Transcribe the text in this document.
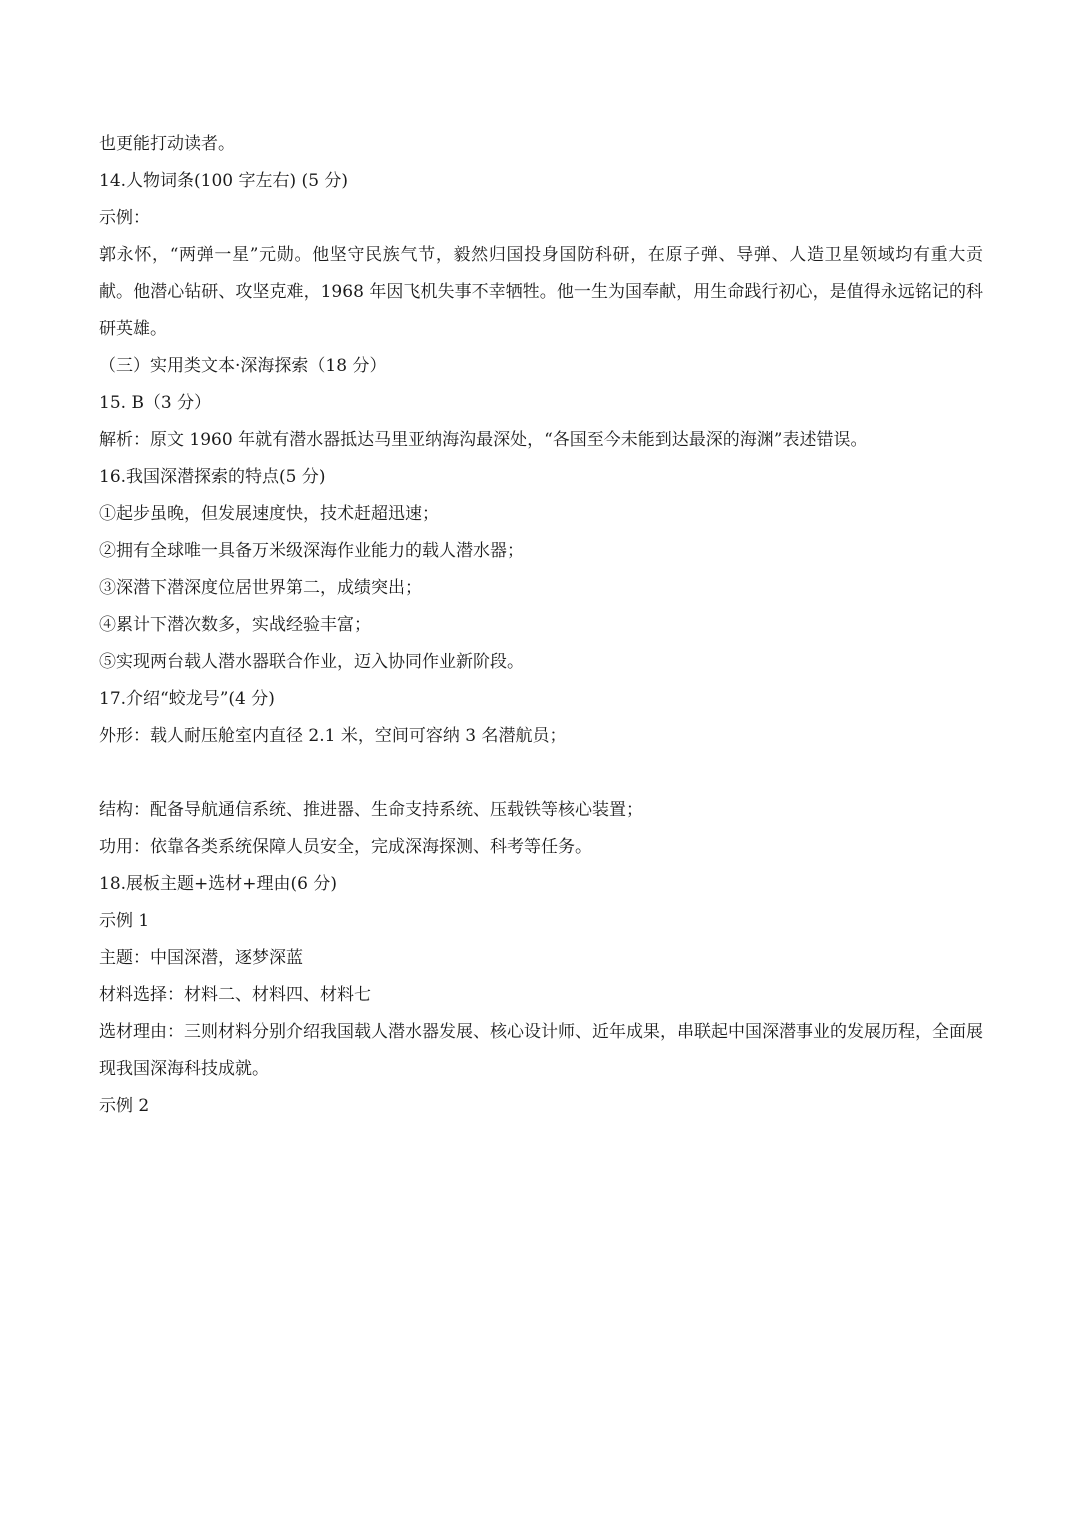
也更能打动读者。
14.人物词条(100 字左右) (5 分)
示例：
郭永怀，“两弹一星”元勋。他坚守民族气节，毅然归国投身国防科研，在原子弹、导弹、人造卫星领域均有重大贡献。他潜心钻研、攻坚克难，1968 年因飞机失事不幸牺牲。他一生为国奉献，用生命践行初心，是值得永远铭记的科研英雄。
（三）实用类文本·深海探索（18 分）
15. B（3 分）
解析：原文 1960 年就有潜水器抵达马里亚纳海沟最深处，“各国至今未能到达最深的海渊”表述错误。
16.我国深潜探索的特点(5 分)
①起步虽晚，但发展速度快，技术赶超迅速；
②拥有全球唯一具备万米级深海作业能力的载人潜水器；
③深潜下潜深度位居世界第二，成绩突出；
④累计下潜次数多，实战经验丰富；
⑤实现两台载人潜水器联合作业，迈入协同作业新阶段。
17.介绍“蛟龙号”(4 分)
外形：载人耐压舱室内直径 2.1 米，空间可容纳 3 名潜航员；
结构：配备导航通信系统、推进器、生命支持系统、压载铁等核心装置；
功用：依靠各类系统保障人员安全，完成深海探测、科考等任务。
18.展板主题+选材+理由(6 分)
示例 1
主题：中国深潜，逐梦深蓝
材料选择：材料二、材料四、材料七
选材理由：三则材料分别介绍我国载人潜水器发展、核心设计师、近年成果，串联起中国深潜事业的发展历程，全面展现我国深海科技成就。
示例 2
